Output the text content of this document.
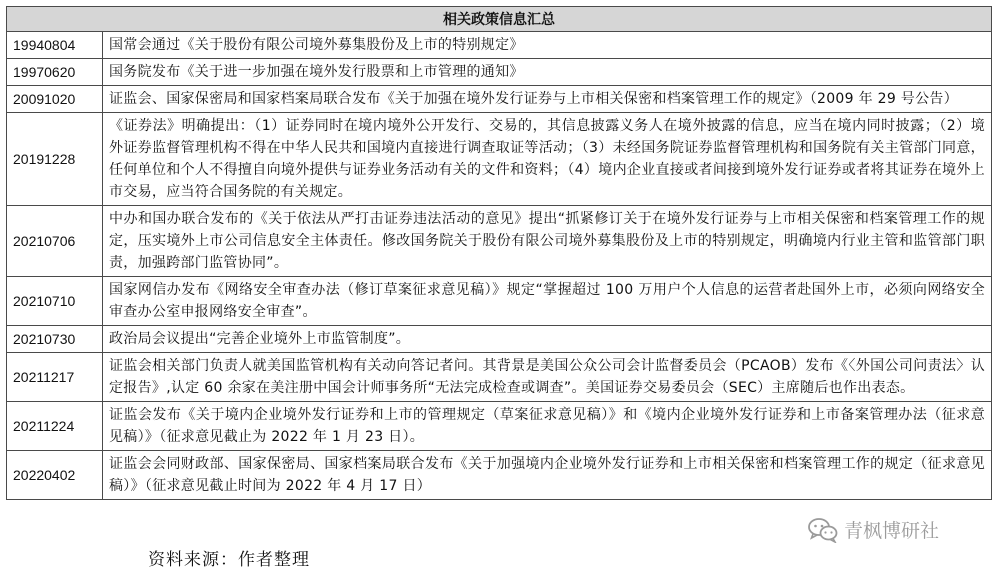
相关政策信息汇总	
19940804	国常会通过《关于股份有限公司境外募集股份及上市的特别规定》
19970620	国务院发布《关于进一步加强在境外发行股票和上市管理的通知》
20091020	证监会、国家保密局和国家档案局联合发布《关于加强在境外发行证券与上市相关保密和档案管理工作的规定》（2009 年 29 号公告）
20191228	《证券法》明确提出：（1）证券同时在境内境外公开发行、交易的，其信息披露义务人在境外披露的信息，应当在境内同时披露；（2）境外证券监督管理机构不得在中华人民共和国境内直接进行调查取证等活动；（3）未经国务院证券监督管理机构和国务院有关主管部门同意，任何单位和个人不得擅自向境外提供与证券业务活动有关的文件和资料；（4）境内企业直接或者间接到境外发行证券或者将其证券在境外上市交易，应当符合国务院的有关规定。
20210706	中办和国办联合发布的《关于依法从严打击证券违法活动的意见》提出“抓紧修订关于在境外发行证券与上市相关保密和档案管理工作的规定，压实境外上市公司信息安全主体责任。修改国务院关于股份有限公司境外募集股份及上市的特别规定，明确境内行业主管和监管部门职责，加强跨部门监管协同”。
20210710	国家网信办发布《网络安全审查办法（修订草案征求意见稿）》规定“掌握超过 100 万用户个人信息的运营者赴国外上市，必须向网络安全审查办公室申报网络安全审查”。
20210730	政治局会议提出“完善企业境外上市监管制度”。
20211217	证监会相关部门负责人就美国监管机构有关动向答记者问。其背景是美国公众公司会计监督委员会（PCAOB）发布《〈外国公司问责法〉认定报告》,认定 60 余家在美注册中国会计师事务所“无法完成检查或调查”。美国证券交易委员会（SEC）主席随后也作出表态。
20211224	证监会发布《关于境内企业境外发行证券和上市的管理规定（草案征求意见稿）》和《境内企业境外发行证券和上市备案管理办法（征求意见稿）》（征求意见截止为 2022 年 1 月 23 日）。
20220402	证监会会同财政部、国家保密局、国家档案局联合发布《关于加强境内企业境外发行证券和上市相关保密和档案管理工作的规定（征求意见稿）》（征求意见截止时间为 2022 年 4 月 17 日）
资料来源：作者整理
青枫博研社
